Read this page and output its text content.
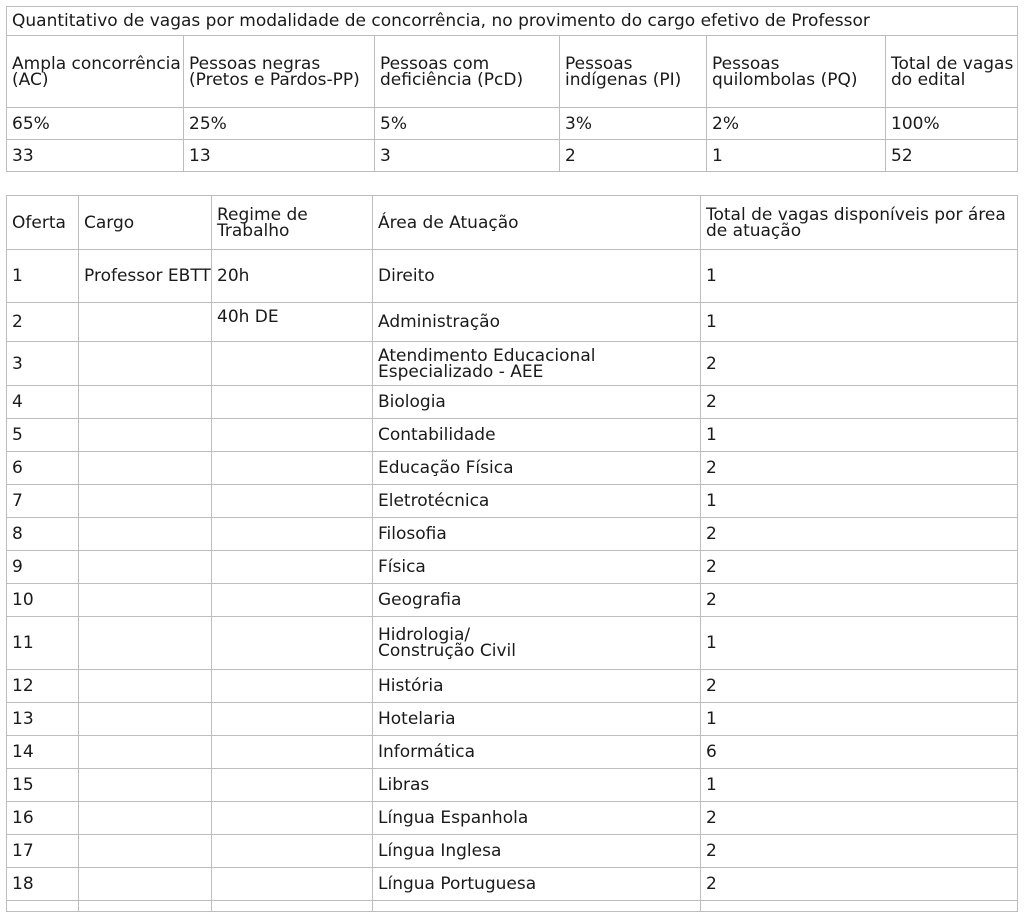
Quantitativo de vagas por modalidade de concorrência, no provimento do cargo efetivo de Professor					
Ampla concorrência (AC)	Pessoas negras (Pretos e Pardos-PP)	Pessoas com deficiência (PcD)	Pessoas indígenas (PI)	Pessoas quilombolas (PQ)	Total de vagas do edital
65%	25%	5%	3%	2%	100%
33	13	3	2	1	52
Oferta	Cargo	Regime de Trabalho	Área de Atuação	Total de vagas disponíveis por área de atuação
1	Professor EBTT	20h	Direito	1
2		40h DE	Administração	1
3			Atendimento Educacional Especializado - AEE	2
4			Biologia	2
5			Contabilidade	1
6			Educação Física	2
7			Eletrotécnica	1
8			Filosofia	2
9			Física	2
10			Geografia	2
11			Hidrologia/ Construção Civil	1
12			História	2
13			Hotelaria	1
14			Informática	6
15			Libras	1
16			Língua Espanhola	2
17			Língua Inglesa	2
18			Língua Portuguesa	2
